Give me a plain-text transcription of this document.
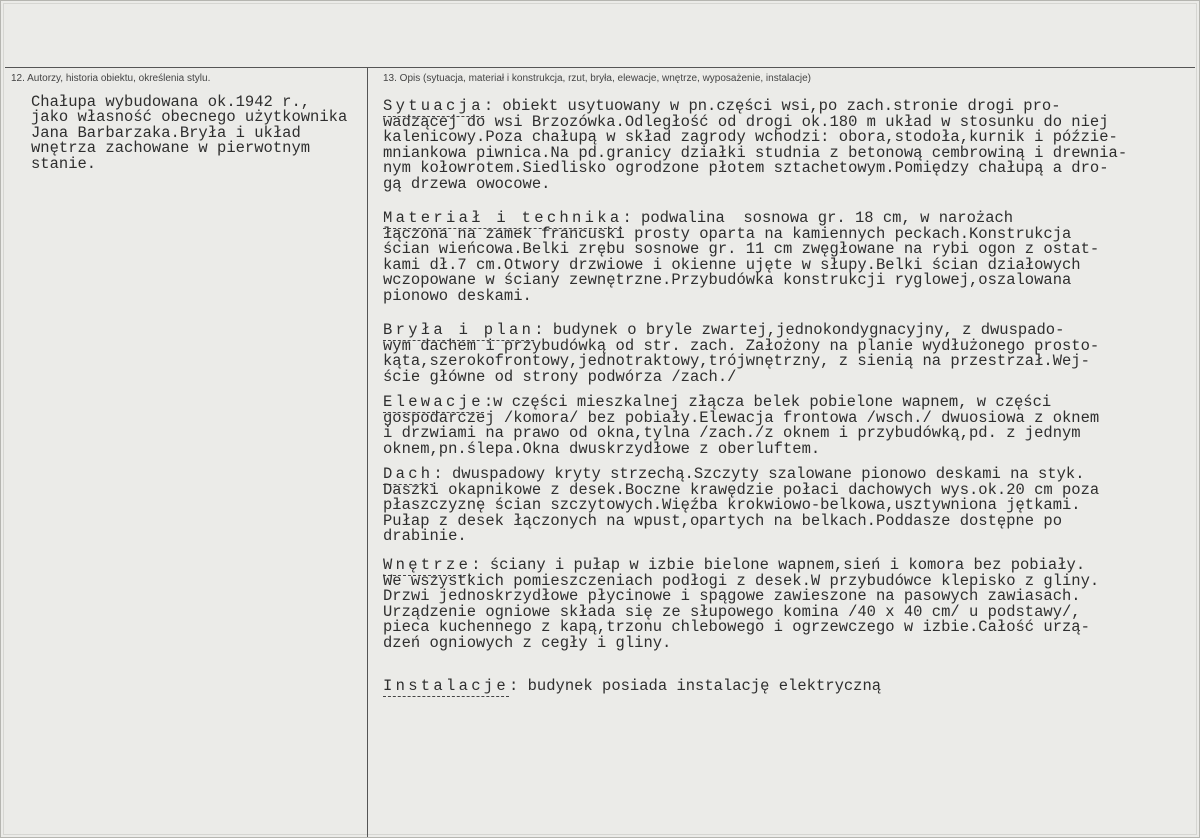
12. Autorzy, historia obiektu, określenia stylu.	13. Opis (sytuacja, materiał i konstrukcja, rzut, bryła, elewacje, wnętrze, wyposażenie, instalacje)
Chałupa wybudowana ok.1942 r.,
jako własność obecnego użytkownika
Jana Barbarzaka.Bryła i układ
wnętrza zachowane w pierwotnym
stanie.
Sytuacja: obiekt usytuowany w pn.części wsi,po zach.stronie drogi pro-
wadzącej do wsi Brzozówka.Odległość od drogi ok.180 m układ w stosunku do niej
kalenicowy.Poza chałupą w skład zagrody wchodzi: obora,stodoła,kurnik i późzie-
mniankowa piwnica.Na pd.granicy działki studnia z betonową cembrowiną i drewnia-
nym kołowrotem.Siedlisko ogrodzone płotem sztachetowym.Pomiędzy chałupą a dro-
gą drzewa owocowe.
Materiał i technika: podwalina  sosnowa gr. 18 cm, w narożach
łączona na zamek francuski prosty oparta na kamiennych peckach.Konstrukcja
ścian wieńcowa.Belki zrębu sosnowe gr. 11 cm zwęgłowane na rybi ogon z ostat-
kami dł.7 cm.Otwory drzwiowe i okienne ujęte w słupy.Belki ścian działowych
wczopowane w ściany zewnętrzne.Przybudówka konstrukcji ryglowej,oszalowana
pionowo deskami.
Bryła i plan: budynek o bryle zwartej,jednokondygnacyjny, z dwuspado-
wym dachem i przybudówką od str. zach. Założony na planie wydłużonego prosto-
kąta,szerokofrontowy,jednotraktowy,trójwnętrzny, z sienią na przestrzał.Wej-
ście główne od strony podwórza /zach./
Elewacje:w części mieszkalnej złącza belek pobielone wapnem, w części
gospodarczej /komora/ bez pobiały.Elewacja frontowa /wsch./ dwuosiowa z oknem
i drzwiami na prawo od okna,tylna /zach./z oknem i przybudówką,pd. z jednym
oknem,pn.ślepa.Okna dwuskrzydłowe z oberluftem.
Dach: dwuspadowy kryty strzechą.Szczyty szalowane pionowo deskami na styk.
Daszki okapnikowe z desek.Boczne krawędzie połaci dachowych wys.ok.20 cm poza
płaszczyznę ścian szczytowych.Więźba krokwiowo-belkowa,usztywniona jętkami.
Pułap z desek łączonych na wpust,opartych na belkach.Poddasze dostępne po
drabinie.
Wnętrze: ściany i pułap w izbie bielone wapnem,sień i komora bez pobiały.
We wszystkich pomieszczeniach podłogi z desek.W przybudówce klepisko z gliny.
Drzwi jednoskrzydłowe płycinowe i spągowe zawieszone na pasowych zawiasach.
Urządzenie ogniowe składa się ze słupowego komina /40 x 40 cm/ u podstawy/,
pieca kuchennego z kapą,trzonu chlebowego i ogrzewczego w izbie.Całość urzą-
dzeń ogniowych z cegły i gliny.
Instalacje: budynek posiada instalację elektryczną
